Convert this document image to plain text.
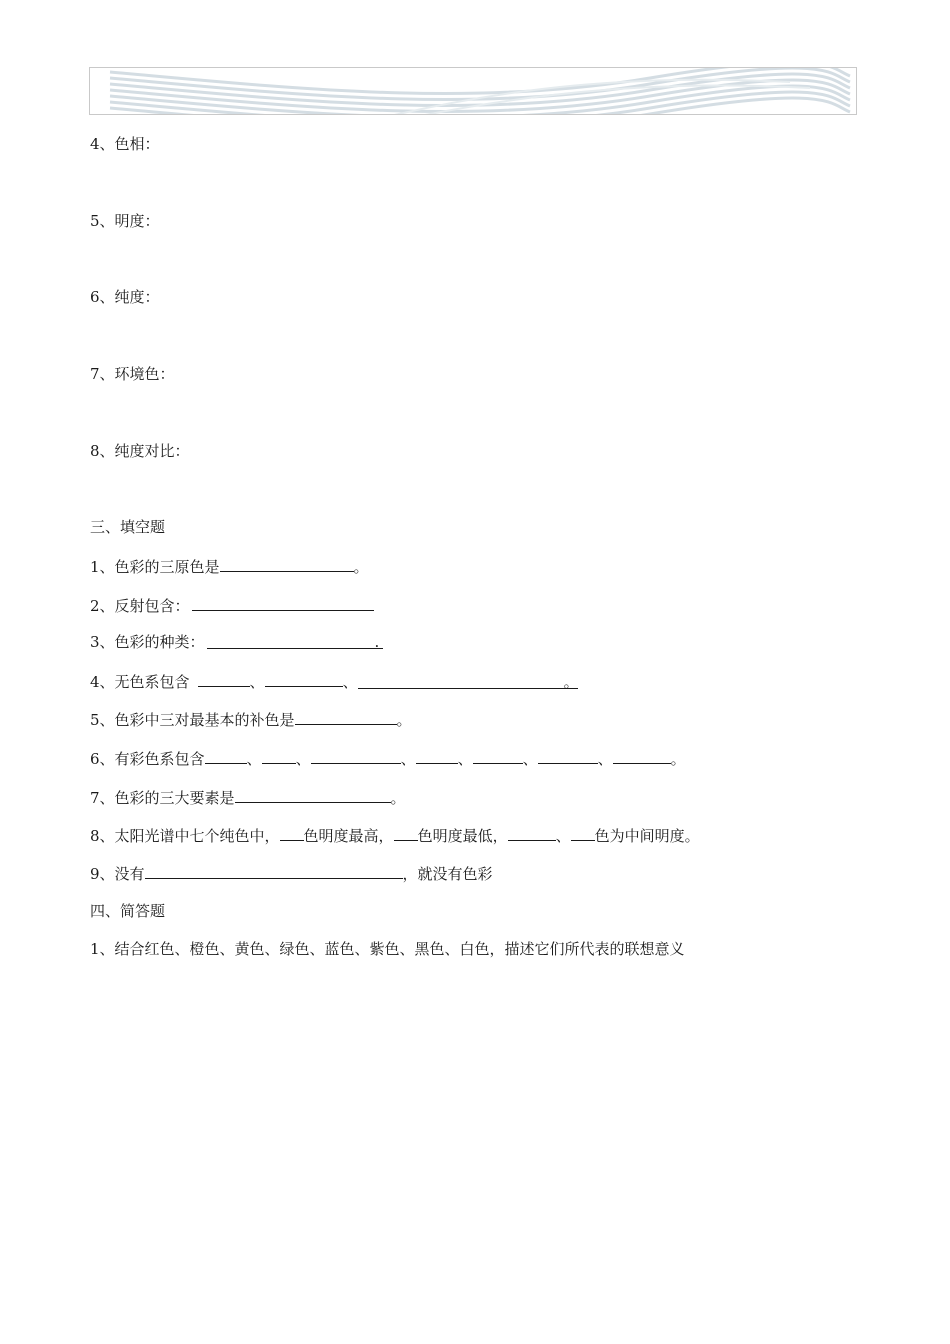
4、色相：
5、明度：
6、纯度：
7、环境色：
8、纯度对比：
三、填空题
1、色彩的三原色是	。
2、反射包含：
3、色彩的种类：	.
4、无色系包含	、	、	。
5、色彩中三对最基本的补色是	。
6、有彩色系包含	、 、	、	、	、	、	。
7、色彩的三大要素是	。
8、太阳光谱中七个纯色中， 色明度最高， 色明度最低，	、 色为中间明度。
9、没有	，就没有色彩
四、简答题
1、结合红色、橙色、黄色、绿色、蓝色、紫色、黑色、白色，描述它们所代表的联想意义
